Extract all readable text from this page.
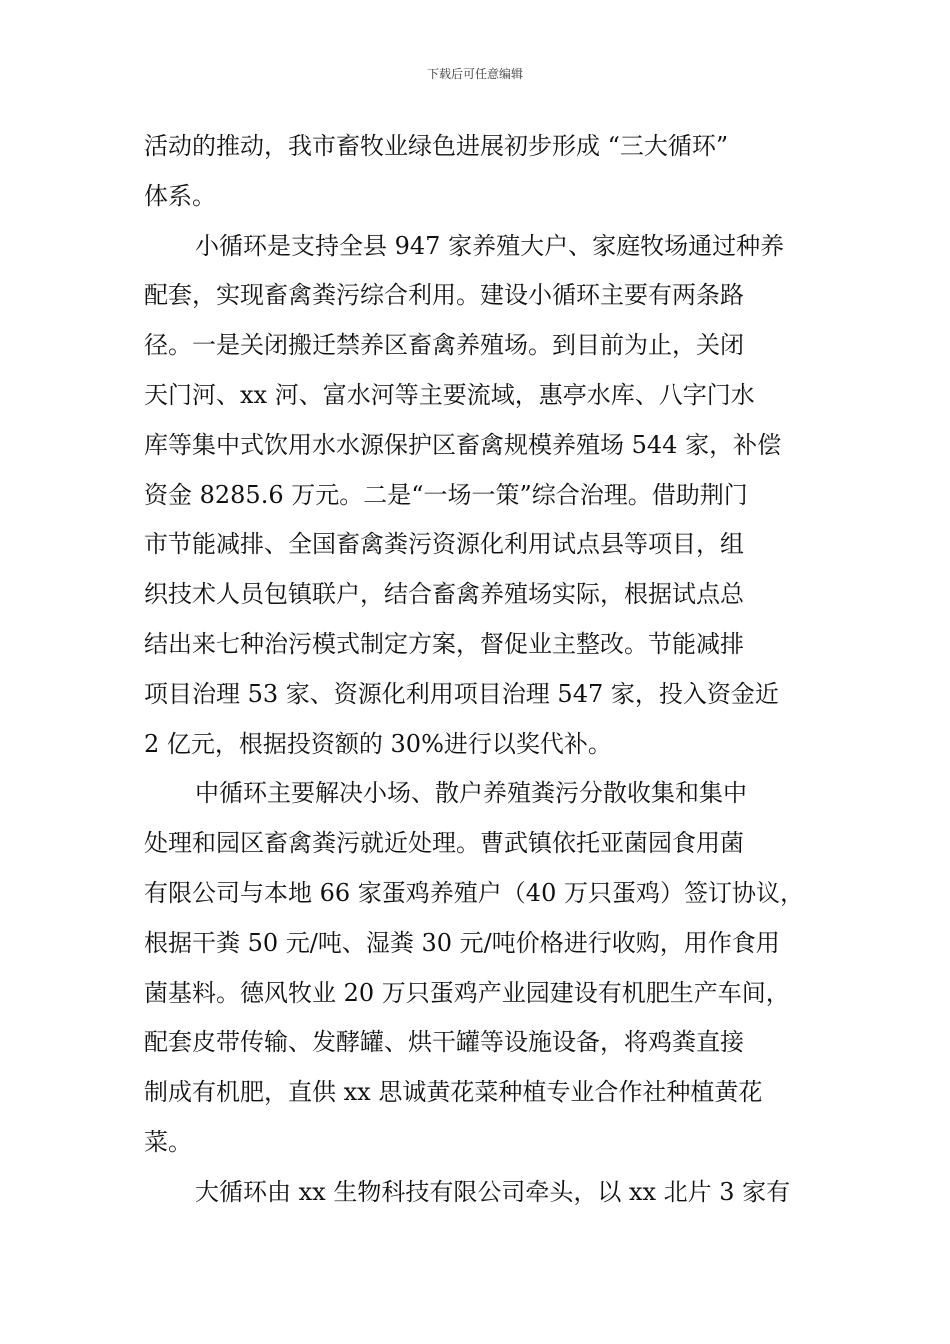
下载后可任意编辑
活动的推动，我市畜牧业绿色进展初步形成 “三大循环”
体系。
小循环是支持全县 947 家养殖大户、家庭牧场通过种养
配套，实现畜禽粪污综合利用。建设小循环主要有两条路
径。一是关闭搬迁禁养区畜禽养殖场。到目前为止，关闭
天门河、xx 河、富水河等主要流域，惠亭水库、八字门水
库等集中式饮用水水源保护区畜禽规模养殖场 544 家，补偿
资金 8285.6 万元。二是“一场一策”综合治理。借助荆门
市节能减排、全国畜禽粪污资源化利用试点县等项目，组
织技术人员包镇联户，结合畜禽养殖场实际，根据试点总
结出来七种治污模式制定方案，督促业主整改。节能减排
项目治理 53 家、资源化利用项目治理 547 家，投入资金近
2 亿元，根据投资额的 30%进行以奖代补。
中循环主要解决小场、散户养殖粪污分散收集和集中
处理和园区畜禽粪污就近处理。曹武镇依托亚菌园食用菌
有限公司与本地 66 家蛋鸡养殖户（40 万只蛋鸡）签订协议，
根据干粪 50 元/吨、湿粪 30 元/吨价格进行收购，用作食用
菌基料。德风牧业 20 万只蛋鸡产业园建设有机肥生产车间，
配套皮带传输、发酵罐、烘干罐等设施设备，将鸡粪直接
制成有机肥，直供 xx 思诚黄花菜种植专业合作社种植黄花
菜。
大循环由 xx 生物科技有限公司牵头，以 xx 北片 3 家有
